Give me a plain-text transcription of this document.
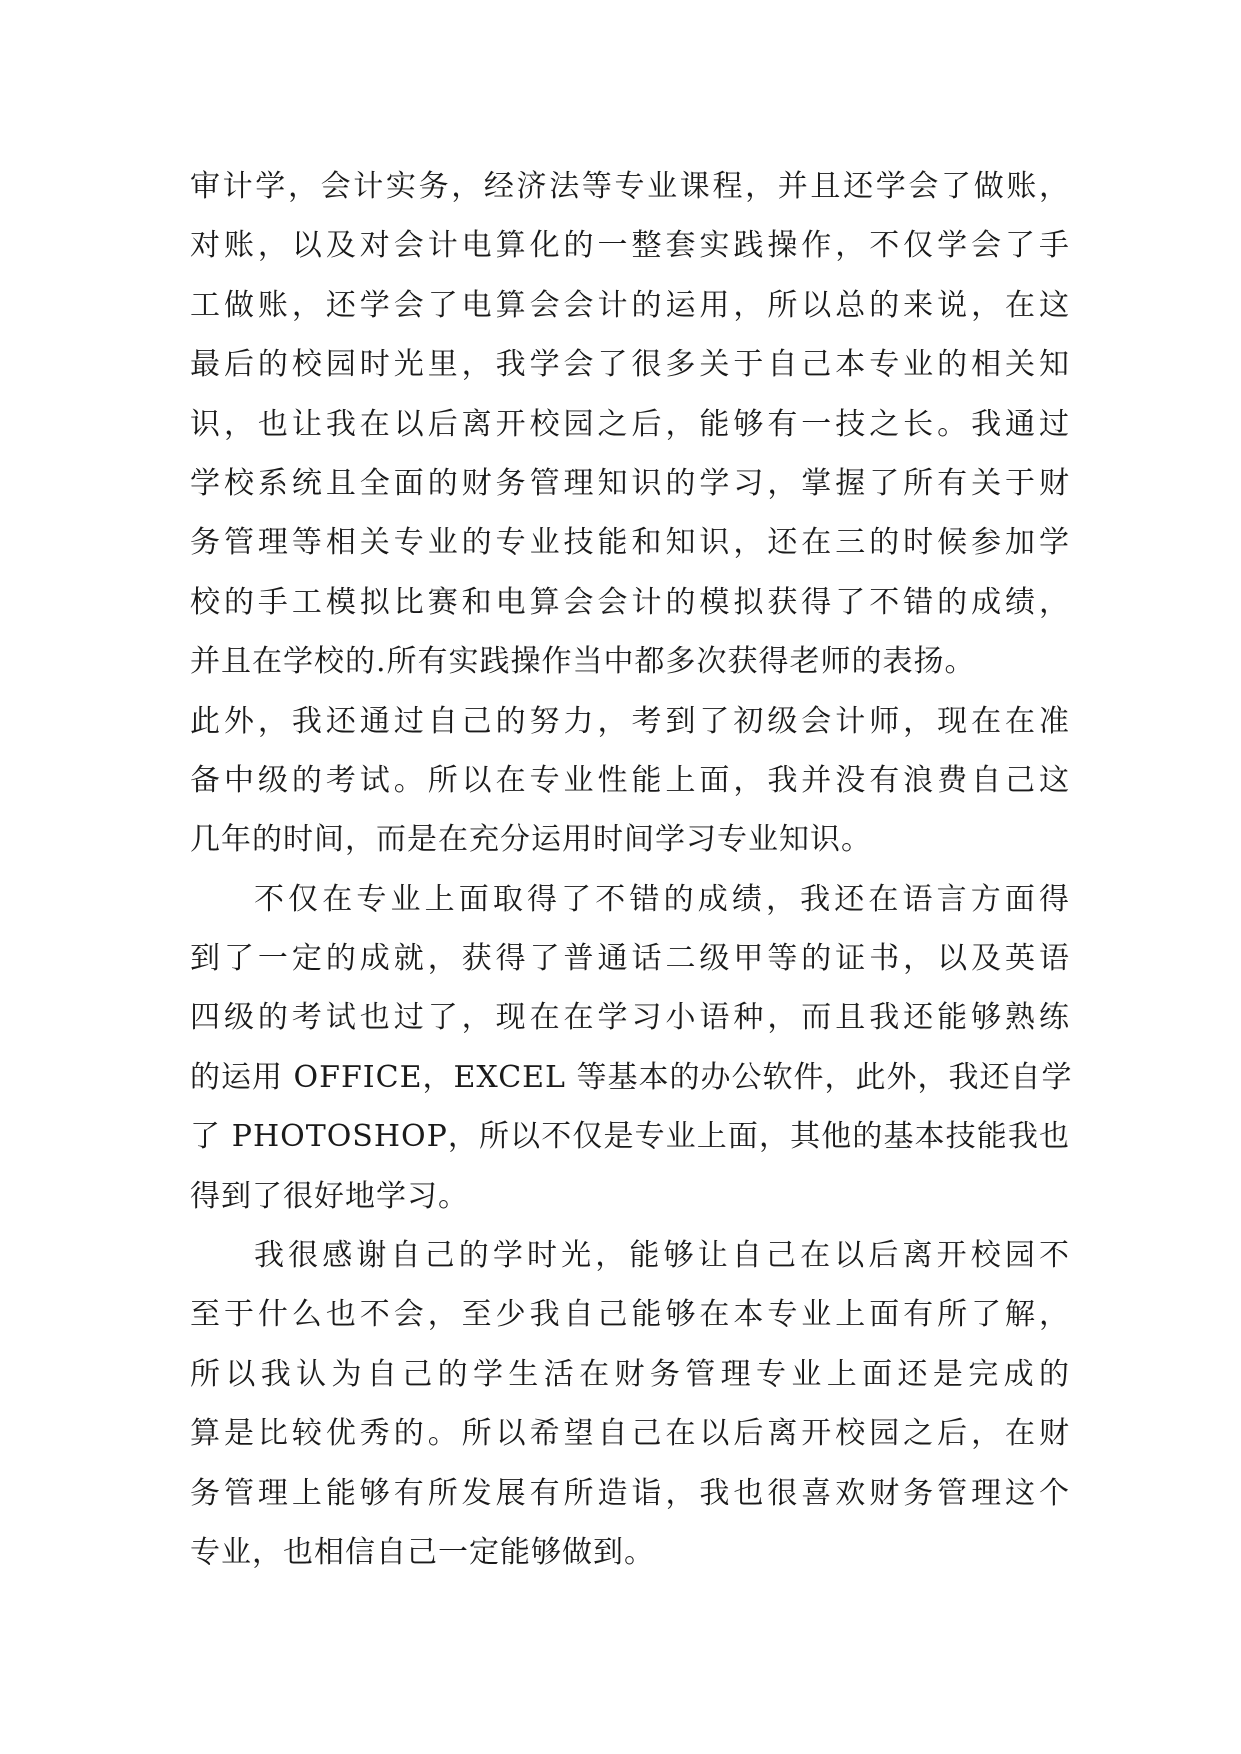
审计学，会计实务，经济法等专业课程，并且还学会了做账，
对账，以及对会计电算化的一整套实践操作，不仅学会了手
工做账，还学会了电算会会计的运用，所以总的来说，在这
最后的校园时光里，我学会了很多关于自己本专业的相关知
识，也让我在以后离开校园之后，能够有一技之长。我通过
学校系统且全面的财务管理知识的学习，掌握了所有关于财
务管理等相关专业的专业技能和知识，还在三的时候参加学
校的手工模拟比赛和电算会会计的模拟获得了不错的成绩，
并且在学校的.所有实践操作当中都多次获得老师的表扬。
此外，我还通过自己的努力，考到了初级会计师，现在在准
备中级的考试。所以在专业性能上面，我并没有浪费自己这
几年的时间，而是在充分运用时间学习专业知识。
不仅在专业上面取得了不错的成绩，我还在语言方面得
到了一定的成就，获得了普通话二级甲等的证书，以及英语
四级的考试也过了，现在在学习小语种，而且我还能够熟练
的运用 OFFICE，EXCEL 等基本的办公软件，此外，我还自学
了 PHOTOSHOP，所以不仅是专业上面，其他的基本技能我也
得到了很好地学习。
我很感谢自己的学时光，能够让自己在以后离开校园不
至于什么也不会，至少我自己能够在本专业上面有所了解，
所以我认为自己的学生活在财务管理专业上面还是完成的
算是比较优秀的。所以希望自己在以后离开校园之后，在财
务管理上能够有所发展有所造诣，我也很喜欢财务管理这个
专业，也相信自己一定能够做到。
